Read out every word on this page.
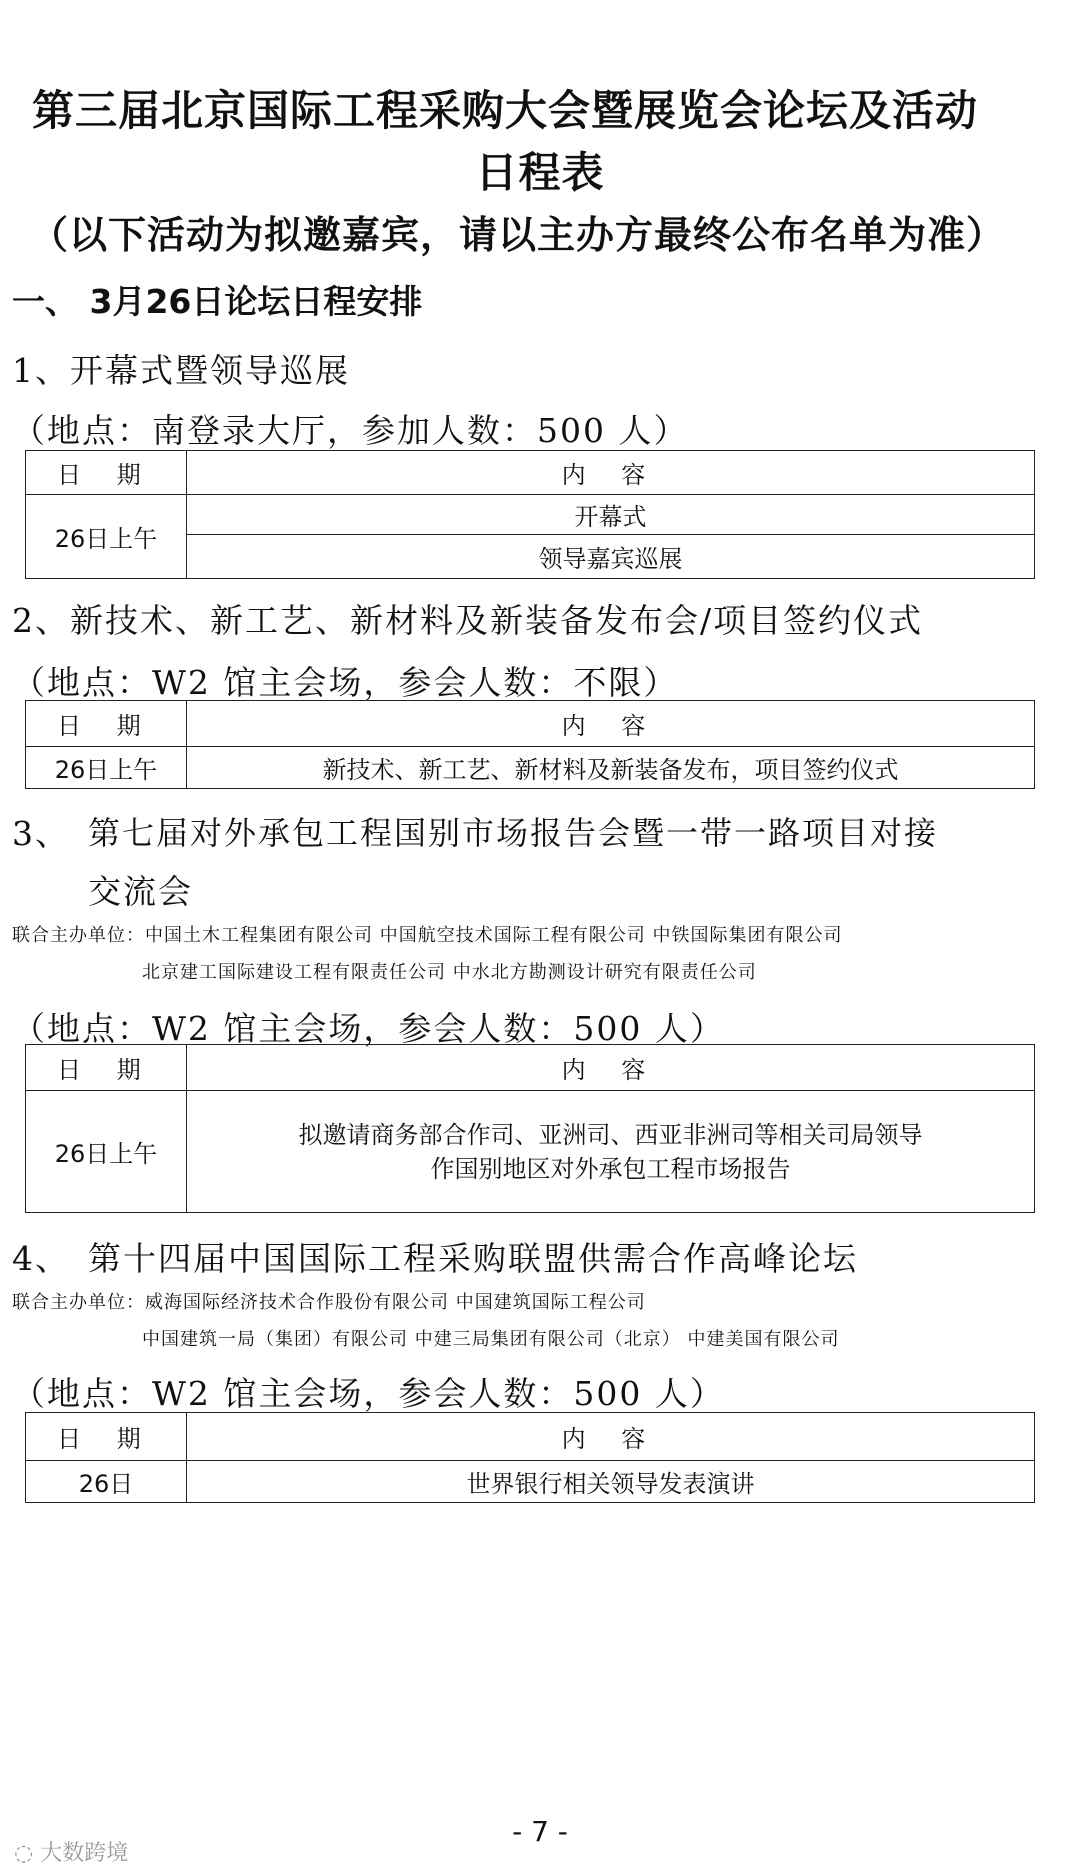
第三届北京国际工程采购大会暨展览会论坛及活动
日程表
（以下活动为拟邀嘉宾，请以主办方最终公布名单为准）
一、 3月26日论坛日程安排
1、开幕式暨领导巡展
（地点：南登录大厅，参加人数：500 人）
日 期	内 容
26日上午	开幕式
	领导嘉宾巡展
2、新技术、新工艺、新材料及新装备发布会/项目签约仪式
（地点：W2 馆主会场，参会人数：不限）
日 期	内 容
26日上午	新技术、新工艺、新材料及新装备发布，项目签约仪式
3、 第七届对外承包工程国别市场报告会暨一带一路项目对接
交流会
联合主办单位：中国土木工程集团有限公司 中国航空技术国际工程有限公司 中铁国际集团有限公司
北京建工国际建设工程有限责任公司 中水北方勘测设计研究有限责任公司
（地点：W2 馆主会场，参会人数：500 人）
日 期	内 容
26日上午	拟邀请商务部合作司、亚洲司、西亚非洲司等相关司局领导
作国别地区对外承包工程市场报告
4、 第十四届中国国际工程采购联盟供需合作高峰论坛
联合主办单位：威海国际经济技术合作股份有限公司 中国建筑国际工程公司
中国建筑一局（集团）有限公司 中建三局集团有限公司（北京） 中建美国有限公司
（地点：W2 馆主会场，参会人数：500 人）
日 期	内 容
26日	世界银行相关领导发表演讲
- 7 -
◌ 大数跨境
